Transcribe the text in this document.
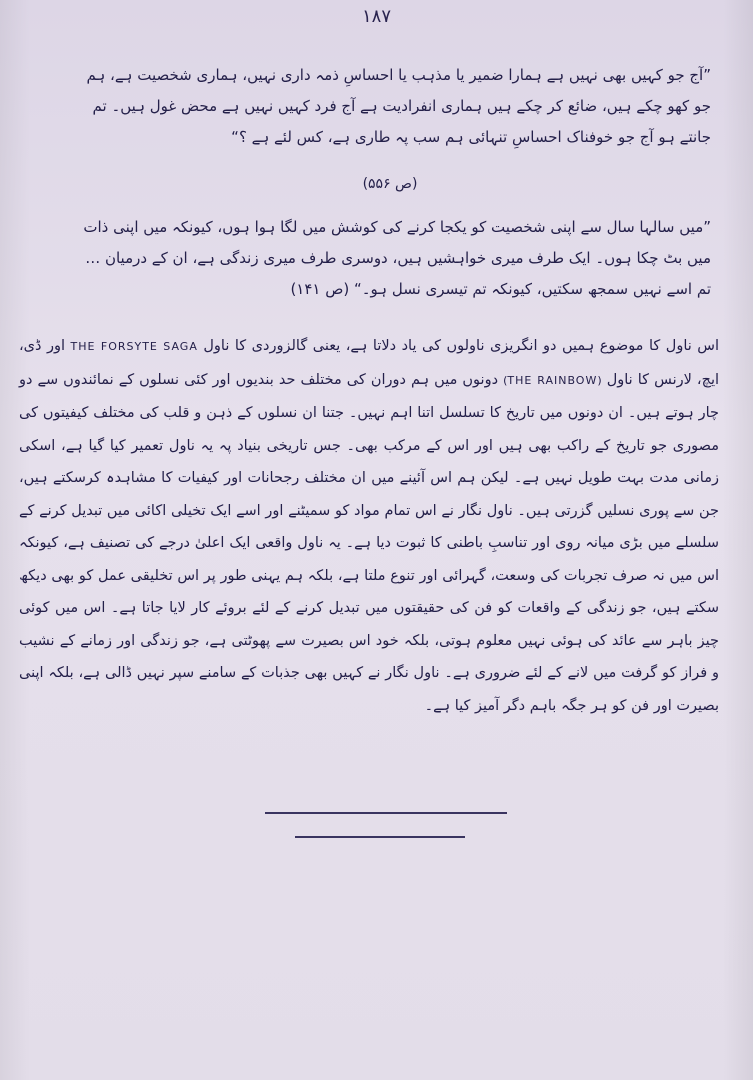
۱۸۷
”آج جو کہیں بھی نہیں ہے ہمارا ضمیر یا مذہب یا احساسِ ذمہ داری نہیں، ہماری شخصیت ہے، ہم جو کھو چکے ہیں، ضائع کر چکے ہیں ہماری انفرادیت ہے آج فرد کہیں نہیں ہے محض غول ہیں۔ تم جانتے ہو آج جو خوفناک احساسِ تنہائی ہم سب پہ طاری ہے، کس لئے ہے ؟“
(ص ۵۵۶)
”میں سالہا سال سے اپنی شخصیت کو یکجا کرنے کی کوشش میں لگا ہوا ہوں، کیونکہ میں اپنی ذات میں بٹ چکا ہوں۔ ایک طرف میری خواہشیں ہیں، دوسری طرف میری زندگی ہے، ان کے درمیان … تم اسے نہیں سمجھ سکتیں، کیونکہ تم تیسری نسل ہو۔“ (ص ۱۴۱)
اس ناول کا موضوع ہمیں دو انگریزی ناولوں کی یاد دلاتا ہے، یعنی گالزوردی کا ناول THE FORSYTE SAGA اور ڈی، ایچ، لارنس کا ناول (THE RAINBOW) دونوں میں ہم دوران کی مختلف حد بندیوں اور کئی نسلوں کے نمائندوں سے دو چار ہوتے ہیں۔ ان دونوں میں تاریخ کا تسلسل اتنا اہم نہیں۔ جتنا ان نسلوں کے ذہن و قلب کی مختلف کیفیتوں کی مصوری جو تاریخ کے راکب بھی ہیں اور اس کے مرکب بھی۔ جس تاریخی بنیاد پہ یہ ناول تعمیر کیا گیا ہے، اسکی زمانی مدت بہت طویل نہیں ہے۔ لیکن ہم اس آئینے میں ان مختلف رجحانات اور کیفیات کا مشاہدہ کرسکتے ہیں، جن سے پوری نسلیں گزرتی ہیں۔ ناول نگار نے اس تمام مواد کو سمیٹنے اور اسے ایک تخیلی اکائی میں تبدیل کرنے کے سلسلے میں بڑی میانہ روی اور تناسبِ باطنی کا ثبوت دیا ہے۔ یہ ناول واقعی ایک اعلیٰ درجے کی تصنیف ہے، کیونکہ اس میں نہ صرف تجربات کی وسعت، گہرائی اور تنوع ملتا ہے، بلکہ ہم یہنی طور پر اس تخلیقی عمل کو بھی دیکھ سکتے ہیں، جو زندگی کے واقعات کو فن کی حقیقتوں میں تبدیل کرنے کے لئے بروئے کار لایا جاتا ہے۔ اس میں کوئی چیز باہر سے عائد کی ہوئی نہیں معلوم ہوتی، بلکہ خود اس بصیرت سے پھوٹتی ہے، جو زندگی اور زمانے کے نشیب و فراز کو گرفت میں لانے کے لئے ضروری ہے۔ ناول نگار نے کہیں بھی جذبات کے سامنے سپر نہیں ڈالی ہے، بلکہ اپنی بصیرت اور فن کو ہر جگہ باہم دگر آمیز کیا ہے۔
